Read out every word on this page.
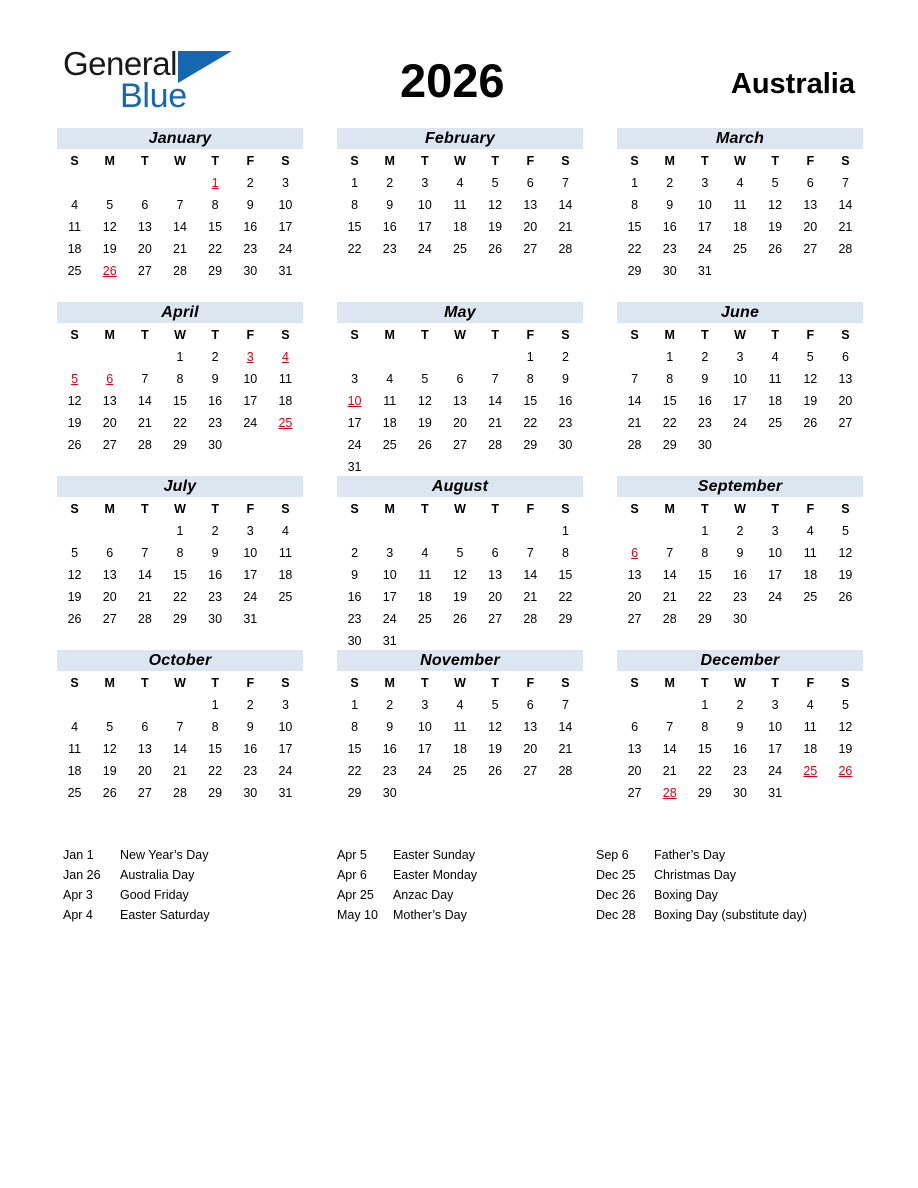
General
Blue	2026	Australia
January
S	M	T	W	T	F	S
				1	2	3
4	5	6	7	8	9	10
11	12	13	14	15	16	17
18	19	20	21	22	23	24
25	26	27	28	29	30	31
February
S	M	T	W	T	F	S
1	2	3	4	5	6	7
8	9	10	11	12	13	14
15	16	17	18	19	20	21
22	23	24	25	26	27	28
March
S	M	T	W	T	F	S
1	2	3	4	5	6	7
8	9	10	11	12	13	14
15	16	17	18	19	20	21
22	23	24	25	26	27	28
29	30	31				
April
S	M	T	W	T	F	S
			1	2	3	4
5	6	7	8	9	10	11
12	13	14	15	16	17	18
19	20	21	22	23	24	25
26	27	28	29	30		
May
S	M	T	W	T	F	S
					1	2
3	4	5	6	7	8	9
10	11	12	13	14	15	16
17	18	19	20	21	22	23
24	25	26	27	28	29	30
31						
June
S	M	T	W	T	F	S
	1	2	3	4	5	6
7	8	9	10	11	12	13
14	15	16	17	18	19	20
21	22	23	24	25	26	27
28	29	30				
July
S	M	T	W	T	F	S
			1	2	3	4
5	6	7	8	9	10	11
12	13	14	15	16	17	18
19	20	21	22	23	24	25
26	27	28	29	30	31	
August
S	M	T	W	T	F	S
						1
2	3	4	5	6	7	8
9	10	11	12	13	14	15
16	17	18	19	20	21	22
23	24	25	26	27	28	29
30	31					
September
S	M	T	W	T	F	S
		1	2	3	4	5
6	7	8	9	10	11	12
13	14	15	16	17	18	19
20	21	22	23	24	25	26
27	28	29	30			
October
S	M	T	W	T	F	S
				1	2	3
4	5	6	7	8	9	10
11	12	13	14	15	16	17
18	19	20	21	22	23	24
25	26	27	28	29	30	31
November
S	M	T	W	T	F	S
1	2	3	4	5	6	7
8	9	10	11	12	13	14
15	16	17	18	19	20	21
22	23	24	25	26	27	28
29	30					
December
S	M	T	W	T	F	S
		1	2	3	4	5
6	7	8	9	10	11	12
13	14	15	16	17	18	19
20	21	22	23	24	25	26
27	28	29	30	31		
Jan 1	New Year’s Day
Jan 26	Australia Day
Apr 3	Good Friday
Apr 4	Easter Saturday
Apr 5	Easter Sunday
Apr 6	Easter Monday
Apr 25	Anzac Day
May 10	Mother’s Day
Sep 6	Father’s Day
Dec 25	Christmas Day
Dec 26	Boxing Day
Dec 28	Boxing Day (substitute day)
